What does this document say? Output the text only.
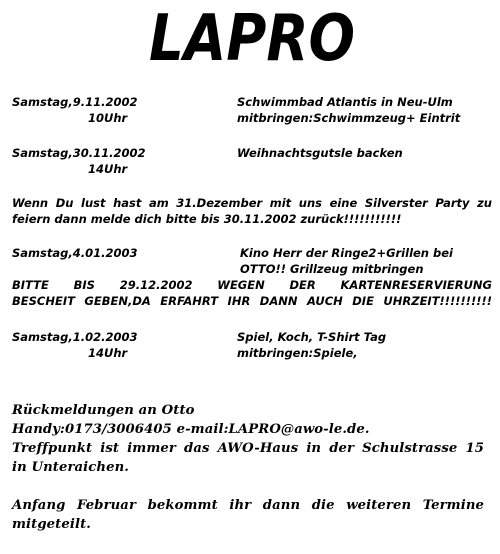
LAPRO
Samstag,9.11.2002	Schwimmbad Atlantis in Neu-Ulm
10Uhr	mitbringen:Schwimmzeug+ Eintrit
Samstag,30.11.2002	Weihnachtsgutsle backen
14Uhr
Wenn Du lust hast am 31.Dezember mit uns eine Silverster Party zu
feiern dann melde dich bitte bis 30.11.2002 zurück!!!!!!!!!!!
Samstag,4.01.2003	Kino Herr der Ringe2+Grillen bei
OTTO!! Grillzeug mitbringen
BITTE BIS 29.12.2002 WEGEN DER KARTENRESERVIERUNG
BESCHEIT GEBEN,DA ERFAHRT IHR DANN AUCH DIE UHRZEIT!!!!!!!!!!
Samstag,1.02.2003	Spiel, Koch, T-Shirt Tag
14Uhr	mitbringen:Spiele,
Rückmeldungen an Otto
Handy:0173/3006405 e-mail:LAPRO@awo-le.de.
Treffpunkt ist immer das AWO-Haus in der Schulstrasse 15
in Unteraichen.
Anfang Februar bekommt ihr dann die weiteren Termine
mitgeteilt.
